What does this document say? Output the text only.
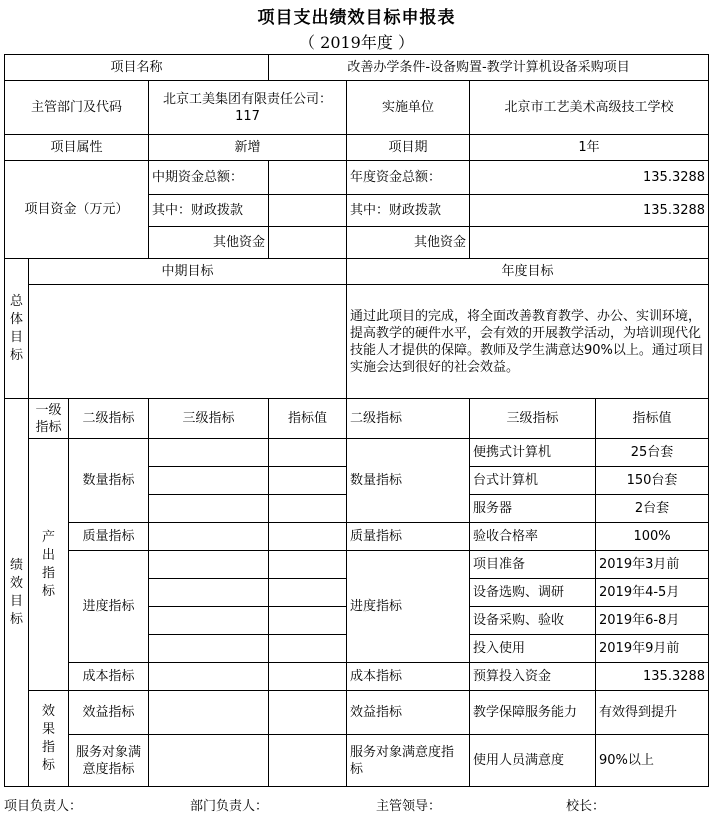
项目支出绩效目标申报表
（ 2019年度 ）
项目名称				改善办学条件-设备购置-教学计算机设备采购项目			
主管部门及代码			北京工美集团有限责任公司：117		实施单位	北京市工艺美术高级技工学校	
项目属性			新增		项目期	1年	
项目资金（万元）			中期资金总额：		年度资金总额：	135.3288	
			其中：财政拨款		其中：财政拨款	135.3288	
			其他资金		其他资金		
总体目标	中期目标				年度目标		
					通过此项目的完成，将全面改善教育教学、办公、实训环境，提高教学的硬件水平，会有效的开展教学活动，为培训现代化技能人才提供的保障。教师及学生满意达90%以上。通过项目实施会达到很好的社会效益。		
绩效目标	一级指标	二级指标	三级指标	指标值	二级指标	三级指标	指标值
	产出指标	数量指标			数量指标	便携式计算机	25台套
						台式计算机	150台套
						服务器	2台套
		质量指标			质量指标	验收合格率	100%
		进度指标			进度指标	项目准备	2019年3月前
						设备选购、调研	2019年4-5月
						设备采购、验收	2019年6-8月
						投入使用	2019年9月前
		成本指标			成本指标	预算投入资金	135.3288
	效果指标	效益指标			效益指标	教学保障服务能力	有效得到提升
		服务对象满意度指标			服务对象满意度指标	使用人员满意度	90%以上
项目负责人：	部门负责人：	主管领导：	校长：
